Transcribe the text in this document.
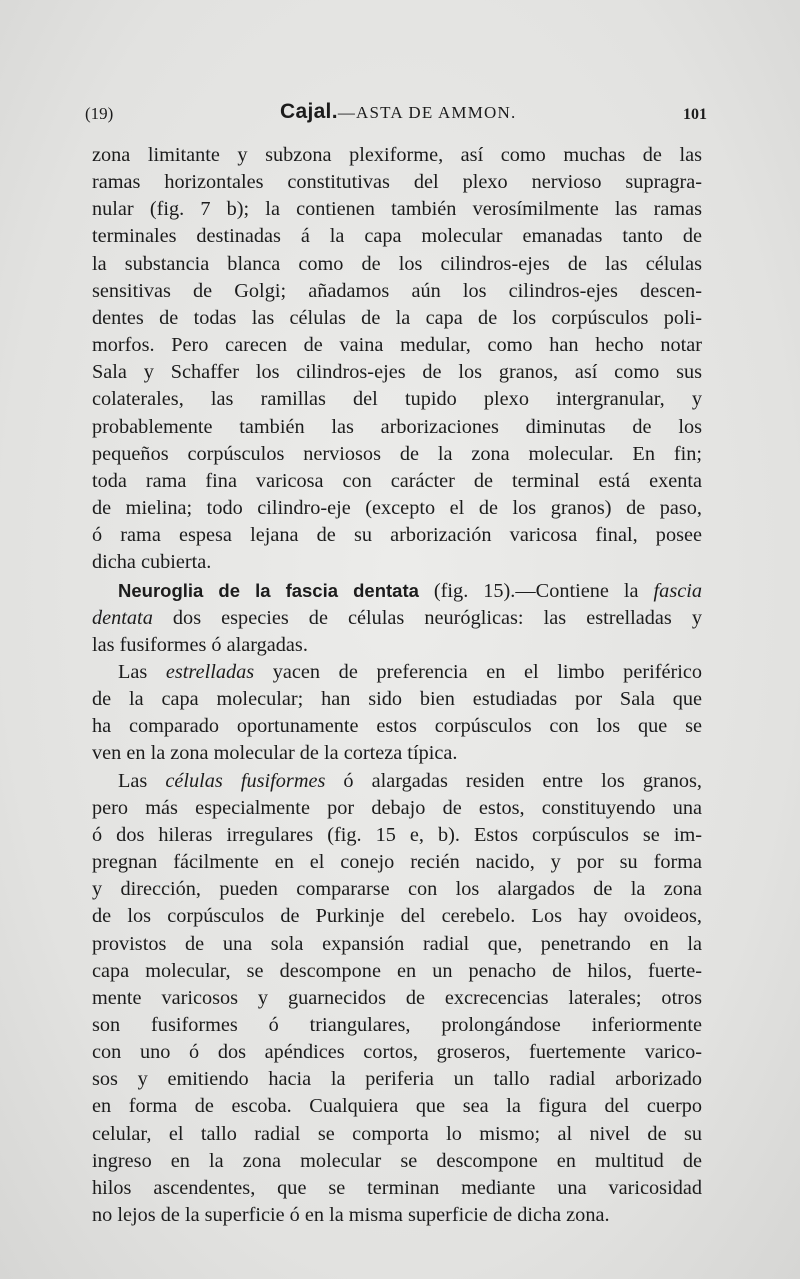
(19)	Cajal.—ASTA DE AMMON.	101

zona limitante y subzona plexiforme, así como muchas de las
ramas horizontales constitutivas del plexo nervioso supragra-
nular (fig. 7 b); la contienen también verosímilmente las ramas
terminales destinadas á la capa molecular emanadas tanto de
la substancia blanca como de los cilindros-ejes de las células
sensitivas de Golgi; añadamos aún los cilindros-ejes descen-
dentes de todas las células de la capa de los corpúsculos poli-
morfos. Pero carecen de vaina medular, como han hecho notar
Sala y Schaffer los cilindros-ejes de los granos, así como sus
colaterales, las ramillas del tupido plexo intergranular, y
probablemente también las arborizaciones diminutas de los
pequeños corpúsculos nerviosos de la zona molecular. En fin;
toda rama fina varicosa con carácter de terminal está exenta
de mielina; todo cilindro-eje (excepto el de los granos) de paso,
ó rama espesa lejana de su arborización varicosa final, posee
dicha cubierta.

Neuroglia de la fascia dentata (fig. 15).—Contiene la fascia
dentata dos especies de células neuróglicas: las estrelladas y
las fusiformes ó alargadas.

Las estrelladas yacen de preferencia en el limbo periférico
de la capa molecular; han sido bien estudiadas por Sala que
ha comparado oportunamente estos corpúsculos con los que se
ven en la zona molecular de la corteza típica.

Las células fusiformes ó alargadas residen entre los granos,
pero más especialmente por debajo de estos, constituyendo una
ó dos hileras irregulares (fig. 15 e, b). Estos corpúsculos se im-
pregnan fácilmente en el conejo recién nacido, y por su forma
y dirección, pueden compararse con los alargados de la zona
de los corpúsculos de Purkinje del cerebelo. Los hay ovoideos,
provistos de una sola expansión radial que, penetrando en la
capa molecular, se descompone en un penacho de hilos, fuerte-
mente varicosos y guarnecidos de excrecencias laterales; otros
son fusiformes ó triangulares, prolongándose inferiormente
con uno ó dos apéndices cortos, groseros, fuertemente varico-
sos y emitiendo hacia la periferia un tallo radial arborizado
en forma de escoba. Cualquiera que sea la figura del cuerpo
celular, el tallo radial se comporta lo mismo; al nivel de su
ingreso en la zona molecular se descompone en multitud de
hilos ascendentes, que se terminan mediante una varicosidad
no lejos de la superficie ó en la misma superficie de dicha zona.
